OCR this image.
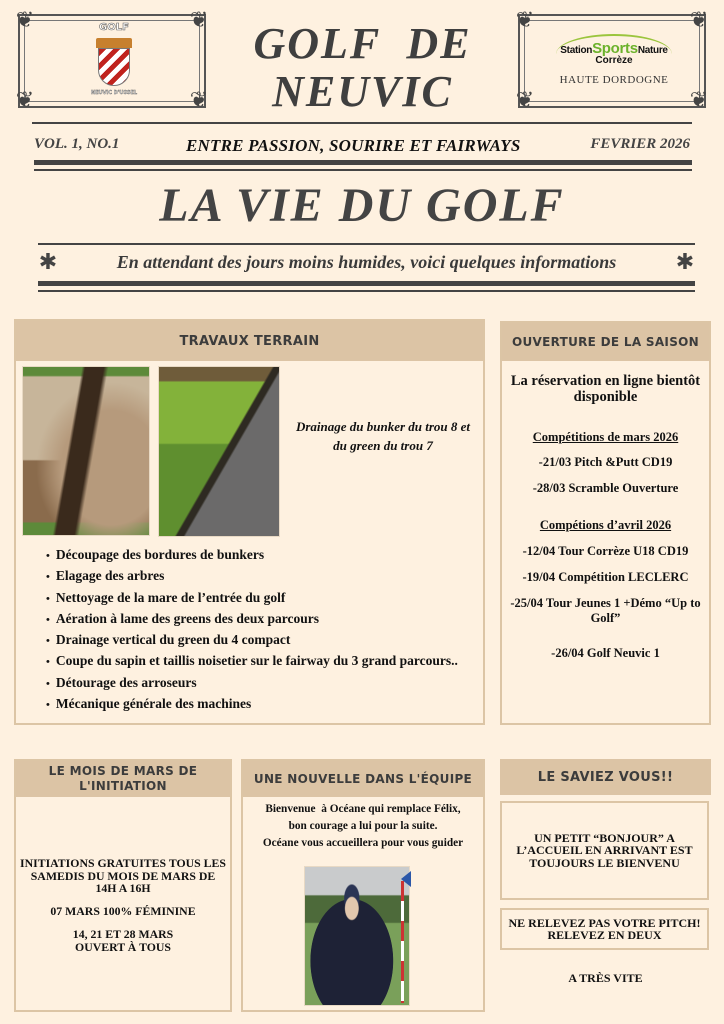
❦	❦
❦	❦
GOLF
NEUVIC D'USSEL
GOLF  DE
NEUVIC
❦	❦
❦	❦
StationSportsNature
Corrèze
HAUTE DORDOGNE
VOL. 1, NO.1	ENTRE PASSION, SOURIRE ET FAIRWAYS	FEVRIER 2026
LA VIE DU GOLF
✱	En attendant des jours moins humides, voici quelques informations	✱
TRAVAUX TERRAIN
Drainage du bunker du trou 8 et du green du trou 7
• Découpage des bordures de bunkers
• Elagage des arbres
• Nettoyage de la mare de l’entrée du golf
• Aération à lame des greens des deux parcours
• Drainage vertical du green du 4 compact
• Coupe du sapin et taillis noisetier sur le fairway du 3 grand parcours..
• Détourage des arroseurs
• Mécanique générale des machines
OUVERTURE DE LA SAISON
La réservation en ligne bientôt disponible
Compétitions de mars 2026
-21/03 Pitch &Putt CD19
-28/03 Scramble Ouverture
Compétions d’avril 2026
-12/04 Tour Corrèze U18 CD19
-19/04 Compétition LECLERC
-25/04 Tour Jeunes 1 +Démo “Up to Golf”
-26/04 Golf Neuvic 1
LE MOIS DE MARS DE L'INITIATION
INITIATIONS GRATUITES TOUS LES SAMEDIS DU MOIS DE MARS DE 14H A 16H
07 MARS 100% FÉMININE
14, 21 ET 28 MARS OUVERT À TOUS
UNE NOUVELLE DANS L'ÉQUIPE
Bienvenue  à Océane qui remplace Félix,
bon courage a lui pour la suite.
Océane vous accueillera pour vous guider
LE SAVIEZ VOUS!!
UN PETIT “BONJOUR” A L’ACCUEIL EN ARRIVANT EST TOUJOURS LE BIENVENU
NE RELEVEZ PAS VOTRE PITCH! RELEVEZ EN DEUX
A TRÈS VITE
